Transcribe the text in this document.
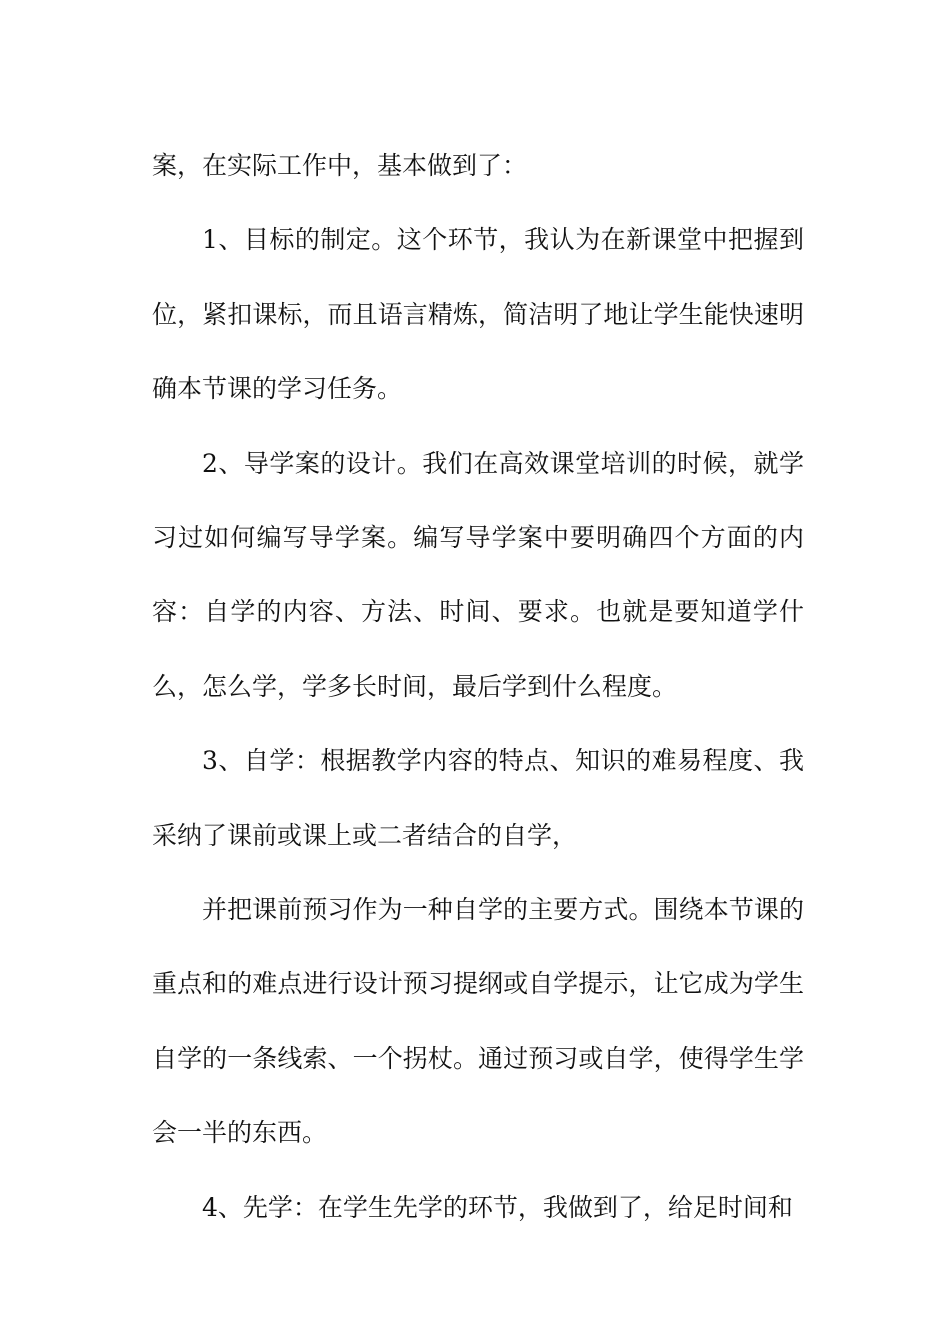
案，在实际工作中，基本做到了：

1、目标的制定。这个环节，我认为在新课堂中把握到位，紧扣课标，而且语言精炼，简洁明了地让学生能快速明确本节课的学习任务。

2、导学案的设计。我们在高效课堂培训的时候，就学习过如何编写导学案。编写导学案中要明确四个方面的内容：自学的内容、方法、时间、要求。也就是要知道学什么，怎么学，学多长时间，最后学到什么程度。

3、自学：根据教学内容的特点、知识的难易程度、我采纳了课前或课上或二者结合的自学，

并把课前预习作为一种自学的主要方式。围绕本节课的重点和的难点进行设计预习提纲或自学提示，让它成为学生自学的一条线索、一个拐杖。通过预习或自学，使得学生学会一半的东西。

4、先学：在学生先学的环节，我做到了，给足时间和
